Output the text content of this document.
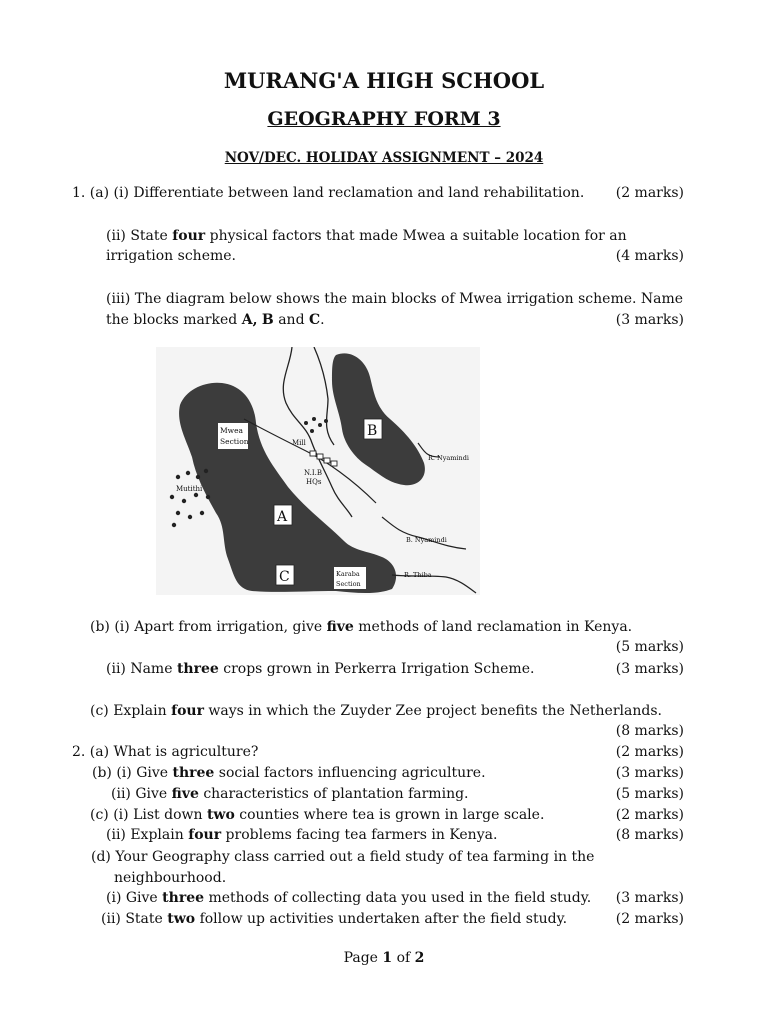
MURANG'A HIGH SCHOOL
GEOGRAPHY FORM 3
NOV/DEC. HOLIDAY ASSIGNMENT – 2024
1. (a) (i) Differentiate between land reclamation and land rehabilitation. (2 marks)
(ii) State four physical factors that made Mwea a suitable location for an
irrigation scheme.	(4 marks)
(iii) The diagram below shows the main blocks of Mwea irrigation scheme. Name
the blocks marked A, B and C.	(3 marks)
Mwea
Section
B
A
C	Karaba
Section
Mill
N.I.B
HQs
Mutithi
R. Nyamindi
B. Nyamindi
R. Thiba
(b) (i) Apart from irrigation, give five methods of land reclamation in Kenya.
(5 marks)
(ii) Name three crops grown in Perkerra Irrigation Scheme.	(3 marks)
(c) Explain four ways in which the Zuyder Zee project benefits the Netherlands.
(8 marks)
2. (a) What is agriculture?	(2 marks)
(b) (i) Give three social factors influencing agriculture.	(3 marks)
(ii) Give five characteristics of plantation farming.	(5 marks)
(c) (i) List down two counties where tea is grown in large scale.	(2 marks)
(ii) Explain four problems facing tea farmers in Kenya.	(8 marks)
(d) Your Geography class carried out a field study of tea farming in the
neighbourhood.
(i) Give three methods of collecting data you used in the field study. (3 marks)
(ii) State two follow up activities undertaken after the field study.	(2 marks)
Page 1 of 2
